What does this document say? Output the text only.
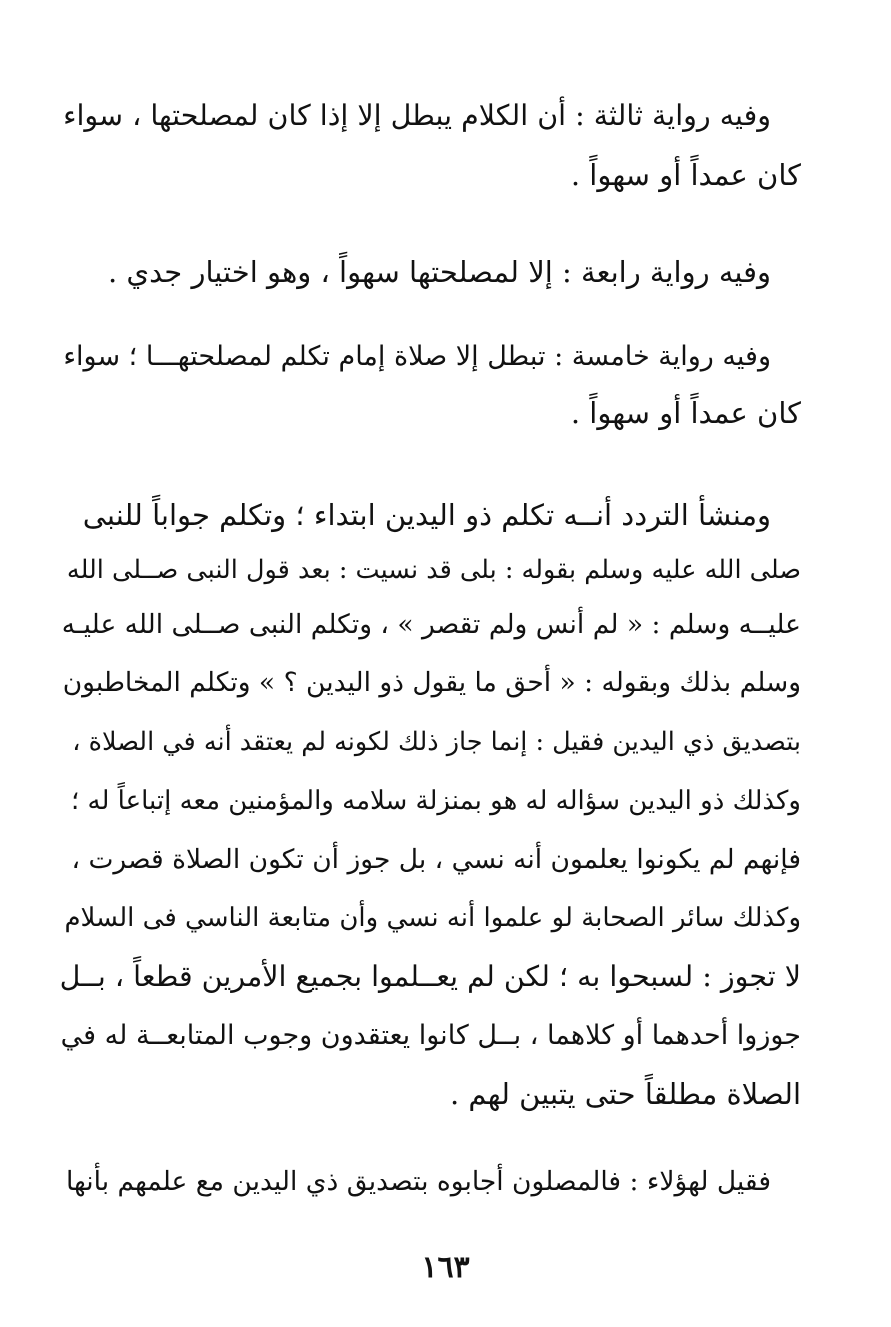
وفيه رواية ثالثة : أن الكلام يبطل إلا إذا كان لمصلحتها ، سواء
كان عمداً أو سهواً .
وفيه رواية رابعة : إلا لمصلحتها سهواً ، وهو اختيار جدي .
وفيه رواية خامسة : تبطل إلا صلاة إمام تكلم لمصلحتهـــا ؛ سواء
كان عمداً أو سهواً .
ومنشأ التردد أنــه تكلم ذو اليدين ابتداء ؛ وتكلم جواباً للنبى
صلى الله عليه وسلم بقوله : بلى قد نسيت : بعد قول النبى صــلى الله
عليــه وسلم : « لم أنس ولم تقصر » ، وتكلم النبى صــلى الله عليـه
وسلم بذلك وبقوله : « أحق ما يقول ذو اليدين ؟ » وتكلم المخاطبون
بتصديق ذي اليدين فقيل : إنما جاز ذلك لكونه لم يعتقد أنه في الصلاة ،
وكذلك ذو اليدين سؤاله له هو بمنزلة سلامه والمؤمنين معه إتباعاً له ؛
فإنهم لم يكونوا يعلمون أنه نسي ، بل جوز أن تكون الصلاة قصرت ،
وكذلك سائر الصحابة لو علموا أنه نسي وأن متابعة الناسي فى السلام
لا تجوز : لسبحوا به ؛ لكن لم يعــلموا بجميع الأمرين قطعاً ، بــل
جوزوا أحدهما أو كلاهما ، بــل كانوا يعتقدون وجوب المتابعــة له في
الصلاة مطلقاً حتى يتبين لهم .
فقيل لهؤلاء : فالمصلون أجابوه بتصديق ذي اليدين مع علمهم بأنها
١٦٣
